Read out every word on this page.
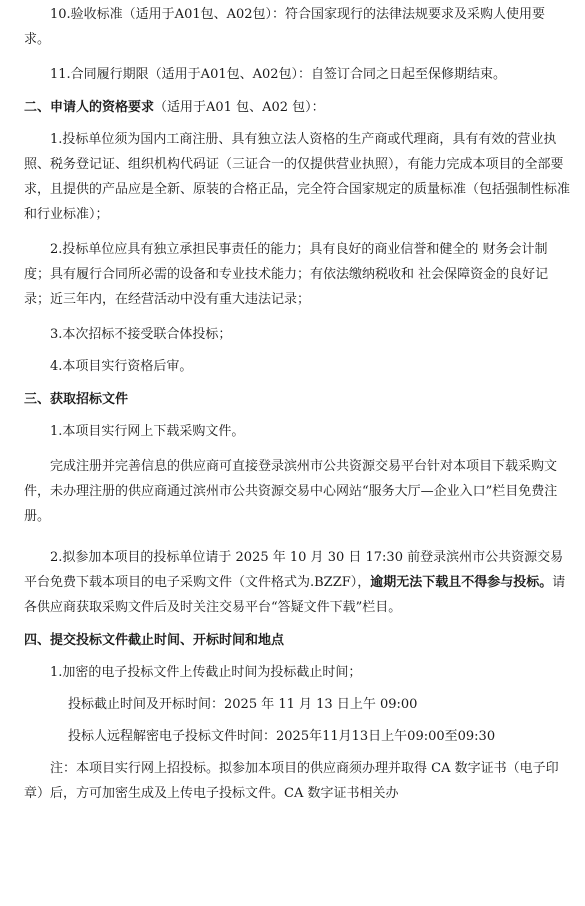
10.验收标准（适用于A01包、A02包）：符合国家现行的法律法规要求及采购人使用要求。

11.合同履行期限（适用于A01包、A02包）：自签订合同之日起至保修期结束。

二、申请人的资格要求（适用于A01 包、A02 包）：

1.投标单位须为国内工商注册、具有独立法人资格的生产商或代理商，具有有效的营业执照、税务登记证、组织机构代码证（三证合一的仅提供营业执照），有能力完成本项目的全部要求，且提供的产品应是全新、原装的合格正品，完全符合国家规定的质量标准（包括强制性标准和行业标准）；

2.投标单位应具有独立承担民事责任的能力；具有良好的商业信誉和健全的 财务会计制度；具有履行合同所必需的设备和专业技术能力；有依法缴纳税收和 社会保障资金的良好记录；近三年内，在经营活动中没有重大违法记录；

3.本次招标不接受联合体投标；

4.本项目实行资格后审。

三、获取招标文件

1.本项目实行网上下载采购文件。

完成注册并完善信息的供应商可直接登录滨州市公共资源交易平台针对本项目下载采购文件，未办理注册的供应商通过滨州市公共资源交易中心网站“服务大厅—企业入口”栏目免费注册。

2.拟参加本项目的投标单位请于 2025 年 10 月 30 日 17:30 前登录滨州市公共资源交易平台免费下载本项目的电子采购文件（文件格式为.BZZF），逾期无法下载且不得参与投标。请各供应商获取采购文件后及时关注交易平台“答疑文件下载”栏目。

四、提交投标文件截止时间、开标时间和地点

1.加密的电子投标文件上传截止时间为投标截止时间；

投标截止时间及开标时间：2025 年 11 月 13 日上午 09:00

投标人远程解密电子投标文件时间：2025年11月13日上午09:00至09:30

注：本项目实行网上招投标。拟参加本项目的供应商须办理并取得 CA 数字证书（电子印章）后，方可加密生成及上传电子投标文件。CA 数字证书相关办
